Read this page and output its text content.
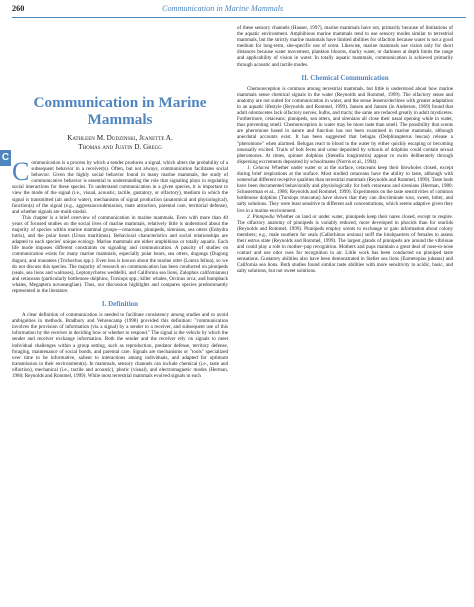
260	Communication in Marine Mammals
C
Communication in Marine
Mammals
Kathleen M. Dudzinski, Jeanette A.
Thomas and Justin D. Gregg

Communication is a process by which a sender produces a signal, which alters the probability of a subsequent behavior in a receiver(s). Often, but not always, communication facilitates social behavior. Given the highly social behavior found in many marine mammals, the study of communicative behavior is essential to understanding the role that signaling plays in regulating social interactions for these species. To understand communication in a given species, it is important to view the mode of the signal (i.e., visual, acoustic, tactile, gustatory, or olfactory), medium in which the signal is transmitted (air and/or water), mechanisms of signal production (anatomical and physiological), function(s) of the signal (e.g., aggression/submission, mate attraction, parental care, territorial defense), and whether signals are multi-modal.

This chapter is a brief overview of communication in marine mammals. Even with more than 40 years of focused studies on the social lives of marine mammals, relatively little is understood about the majority of species within marine mammal groups—cetaceans, pinnipeds, sirenians, sea otters (Enhydra lutris), and the polar bears (Ursus maritimus). Behavioral characteristics and social relationships are adapted to each species' unique ecology. Marine mammals are either amphibious or totally aquatic. Each life mode imposes different constraints on signaling and communication. A paucity of studies on communication exists for many marine mammals, especially polar bears, sea otters, dugongs (Dugong dugon), and manatees (Trichechus spp.). Even less is known about the marine otter (Lontra felina), so we do not discuss this species. The majority of research on communication has been conducted on pinnipeds (seals, sea lions and walruses), Leptonychotes weddellii, and California sea lions, Zalophus californianus) and cetaceans (particularly bottlenose dolphins, Tursiops spp.; killer whales, Orcinus orca; and humpback whales, Megaptera novaeangliae). Thus, our discussion highlights and compares species predominantly represented in the literature.

I. Definition

A clear definition of communication is needed to facilitate consistency among studies and to avoid ambiguities in methods. Bradbury and Vehrencamp (1998) provided this definition: "communication involves the provision of information (via a signal) by a sender to a receiver, and subsequent use of this information by the receiver in deciding how or whether to respond." The signal is the vehicle by which the sender and receiver exchange information. Both the sender and the receiver rely on signals to meet individual challenges within a group setting, such as reproduction, predator defense, territory defense, foraging, maintenance of social bonds, and parental care. Signals are mechanisms or "tools" specialized over time to be informative, salient to interactions among individuals, and adapted for optimum transmission in their environment(s). In mammals, sensory channels can include chemical (i.e., taste and olfaction), mechanical (i.e., tactile and acoustic), photic (visual), and electromagnetic modes (Herman, 1980; Reynolds and Rommel, 1999). While most terrestrial mammals evolved signals in each

of these sensory channels (Hauser, 1997), marine mammals have not, primarily because of limitations of the aquatic environment. Amphibious marine mammals tend to use sensory modes similar to terrestrial mammals, but the strictly marine mammals have limited abilities for olfaction because water is not a good medium for long-term, site-specific use of scent. Likewise, marine mammals use vision only for short distances because water movement, plankton blooms, murky water, or darkness at depth limits the range and applicability of vision in water. In totally aquatic mammals, communication is achieved primarily through acoustic and tactile modes.

II. Chemical Communication

Chemoreception is common among terrestrial mammals, but little is understood about how marine mammals sense chemical signals in the water (Reynolds and Rommel, 1999). The olfactory sense and anatomy are not suited for communication in water, and the sense lessens/declines with greater adaptation to an aquatic lifestyle (Reynolds and Rommel, 1999). Jansen and Jansen (in Anderson, 1969) found that adult odontocetes lack olfactory nerves, bulbs, and tracts; the same are reduced greatly in adult mysticetes. Furthermore, cetaceans, pinnipeds, sea otters, and sirenians all close their nasal opening while in water, thus preventing smell. Chemoreception in water may be more taste than smell. The possibility that scents are pheromone based in nature and function has not been examined in marine mammals, although anecdotal accounts exist. It has been suggested that belugas (Delphinapterus leucas) release a "pheromone" when alarmed. Belugas react to blood in the water by either quickly escaping or becoming unusually excited. Trails of bolt feces and urine deposited by schools of dolphins could contain sexual pheromones. At times, spinner dolphins (Stenella longirostris) appear to swim deliberately through dispersing excrements deposited by schoolmates (Norris et al., 1994).

1. Cetacea Whether under water or at the surface, cetaceans keep their blowholes closed, except during brief respirations at the surface. Most studied cetaceans have the ability to taste, although with somewhat different receptive qualities than terrestrial mammals (Reynolds and Rommel, 1999). Taste buds have been documented behaviorally and physiologically for both cetaceans and sirenians (Herman, 1980; Schusterman et al., 1986; Reynolds and Rommel, 1999). Experiments on the taste sensitivities of common bottlenose dolphins (Tursiops truncatus) have shown that they can discriminate sour, sweet, bitter, and salty solutions. They were least sensitive to different salt concentrations, which seems adaptive given they live in a marine environment.

2. Pinnipedia Whether on land or under water, pinnipeds keep their nares closed, except to respire. The olfactory anatomy of pinnipeds is variably reduced, more developed in phocids than for otariids (Reynolds and Rommel, 1999). Pinnipeds employ scents to exchange or gain information about colony members; e.g., male southern fur seals (Callorhinus ursinus) sniff the hindquarters of females to assess their estrus state (Reynolds and Rommel, 1999). The largest glands of pinnipeds are around the vibrissae and could play a role in mother–pup recognition. Mothers and pups maintain a great deal of nose-to-nose contact and use odor cues for recognition in air. Little work has been conducted on pinniped taste sensations. Gustatory abilities also have been demonstrated in Steller sea lions (Eumetopias jubatus) and California sea lions. Both studies found similar taste abilities with more sensitivity to acidic, basic, and salty solutions, but not sweet solutions.
